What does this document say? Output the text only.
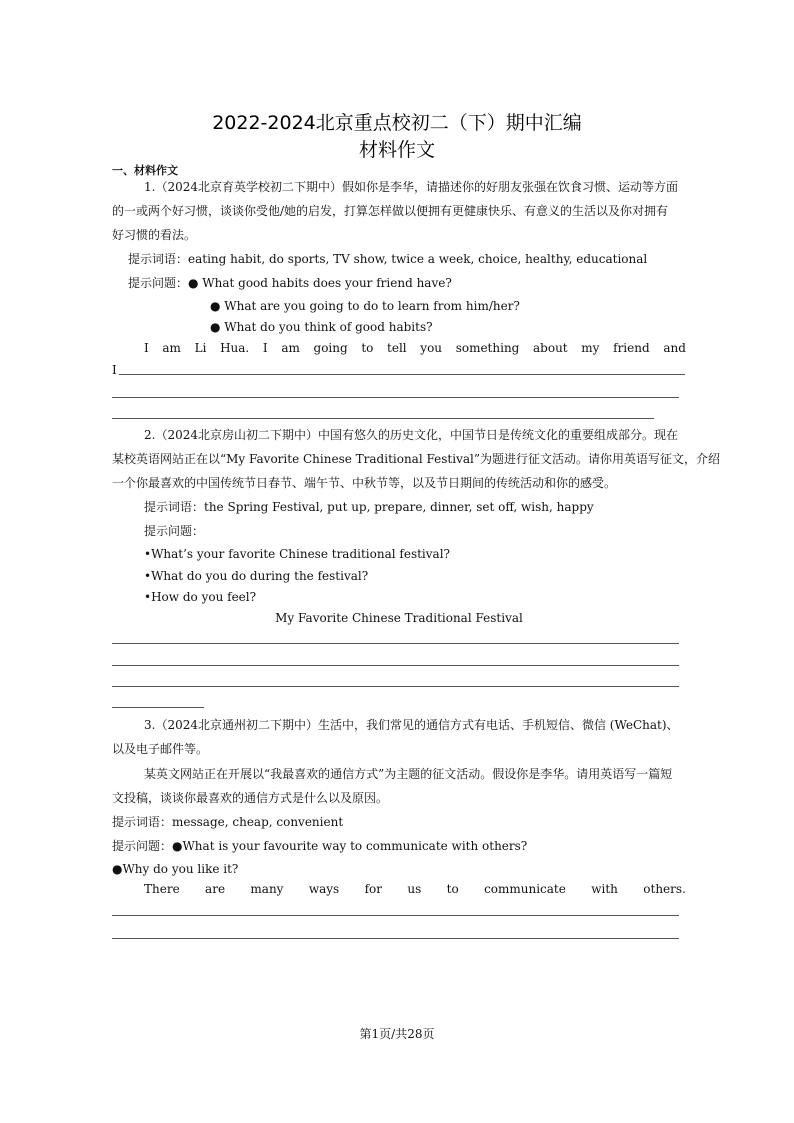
2022-2024北京重点校初二（下）期中汇编
材料作文
一、材料作文
1.（2024北京育英学校初二下期中）假如你是李华，请描述你的好朋友张强在饮食习惯、运动等方面
的一或两个好习惯，谈谈你受他/她的启发，打算怎样做以便拥有更健康快乐、有意义的生活以及你对拥有
好习惯的看法。
提示词语：eating habit, do sports, TV show, twice a week, choice, healthy, educational
提示问题：● What good habits does your friend have?
● What are you going to do to learn from him/her?
● What do you think of good habits?
I am Li Hua. I am going to tell you something about my friend and
I
2.（2024北京房山初二下期中）中国有悠久的历史文化，中国节日是传统文化的重要组成部分。现在
某校英语网站正在以“My Favorite Chinese Traditional Festival”为题进行征文活动。请你用英语写征文，介绍
一个你最喜欢的中国传统节日春节、端午节、中秋节等，以及节日期间的传统活动和你的感受。
提示词语：the Spring Festival, put up, prepare, dinner, set off, wish, happy
提示问题：
•What’s your favorite Chinese traditional festival?
•What do you do during the festival?
•How do you feel?
My Favorite Chinese Traditional Festival
3.（2024北京通州初二下期中）生活中，我们常见的通信方式有电话、手机短信、微信 (WeChat)、
以及电子邮件等。
某英文网站正在开展以“我最喜欢的通信方式”为主题的征文活动。假设你是李华。请用英语写一篇短
文投稿，谈谈你最喜欢的通信方式是什么以及原因。
提示词语：message, cheap, convenient
提示问题：●What is your favourite way to communicate with others?
●Why do you like it?
There are many ways for us to communicate with others.
第1页/共28页
